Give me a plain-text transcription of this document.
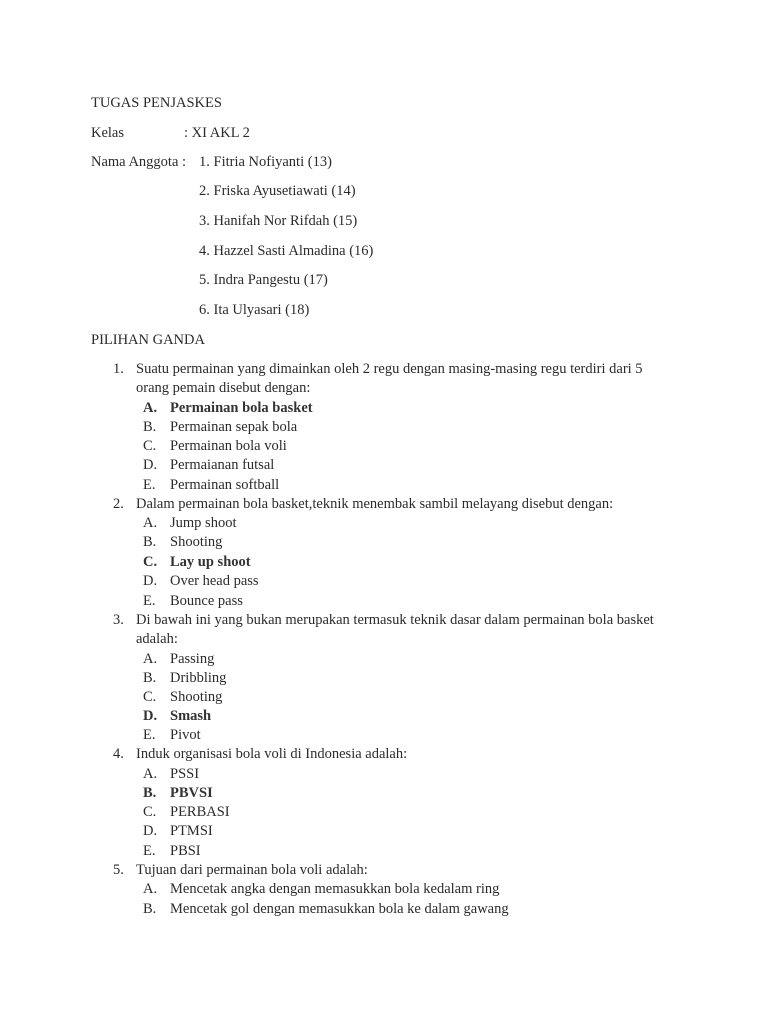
TUGAS PENJASKES
Kelas	: XI AKL 2
Nama Anggota : 1. Fitria Nofiyanti (13)
2. Friska Ayusetiawati (14)
3. Hanifah Nor Rifdah (15)
4. Hazzel Sasti Almadina (16)
5. Indra Pangestu (17)
6. Ita Ulyasari (18)
PILIHAN GANDA
1. Suatu permainan yang dimainkan oleh 2 regu dengan masing-masing regu terdiri dari 5
orang pemain disebut dengan:
A. Permainan bola basket
B. Permainan sepak bola
C. Permainan bola voli
D. Permaianan futsal
E. Permainan softball
2. Dalam permainan bola basket,teknik menembak sambil melayang disebut dengan:
A. Jump shoot
B. Shooting
C. Lay up shoot
D. Over head pass
E. Bounce pass
3. Di bawah ini yang bukan merupakan termasuk teknik dasar dalam permainan bola basket
adalah:
A. Passing
B. Dribbling
C. Shooting
D. Smash
E. Pivot
4. Induk organisasi bola voli di Indonesia adalah:
A. PSSI
B. PBVSI
C. PERBASI
D. PTMSI
E. PBSI
5. Tujuan dari permainan bola voli adalah:
A. Mencetak angka dengan memasukkan bola kedalam ring
B. Mencetak gol dengan memasukkan bola ke dalam gawang
